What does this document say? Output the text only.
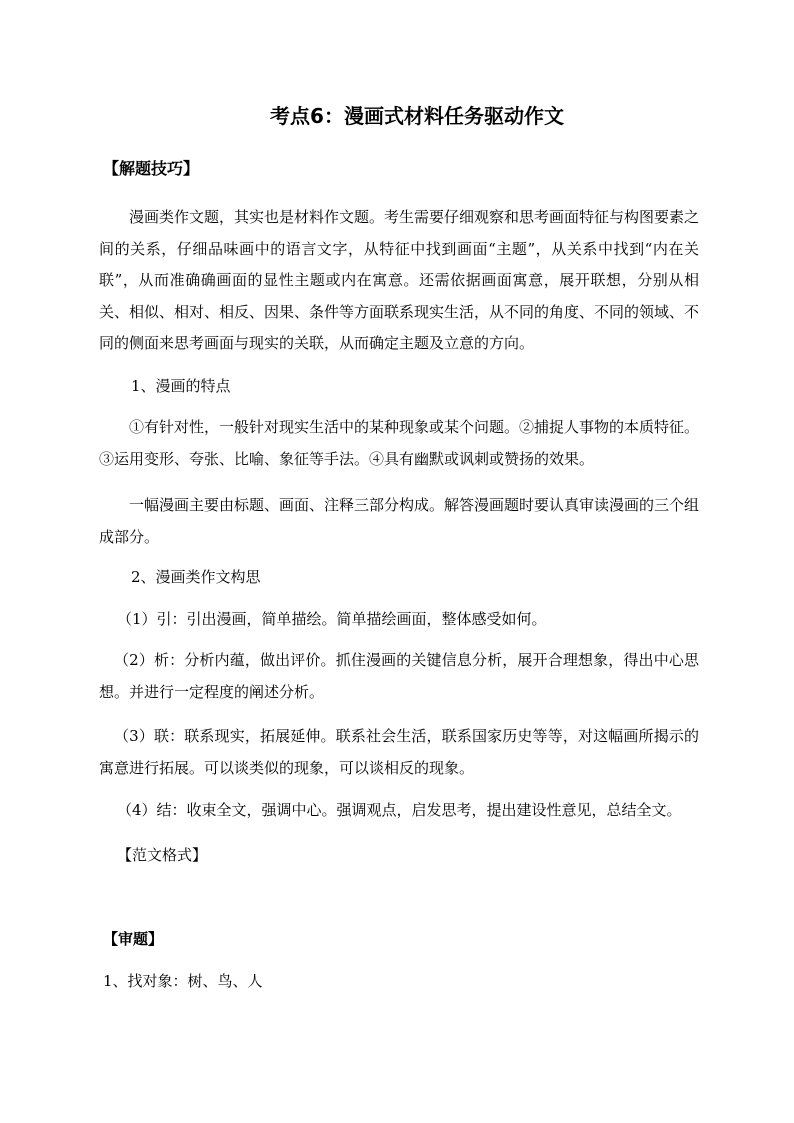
考点6：漫画式材料任务驱动作文
【解题技巧】
漫画类作文题，其实也是材料作文题。考生需要仔细观察和思考画面特征与构图要素之间的关系，仔细品味画中的语言文字，从特征中找到画面“主题”，从关系中找到“内在关联”，从而准确确画面的显性主题或内在寓意。还需依据画面寓意，展开联想，分别从相关、相似、相对、相反、因果、条件等方面联系现实生活，从不同的角度、不同的领域、不同的侧面来思考画面与现实的关联，从而确定主题及立意的方向。
1、漫画的特点
①有针对性，一般针对现实生活中的某种现象或某个问题。②捕捉人事物的本质特征。③运用变形、夸张、比喻、象征等手法。④具有幽默或讽刺或赞扬的效果。
一幅漫画主要由标题、画面、注释三部分构成。解答漫画题时要认真审读漫画的三个组成部分。
2、漫画类作文构思
（1）引：引出漫画，简单描绘。简单描绘画面，整体感受如何。
（2）析：分析内蕴，做出评价。抓住漫画的关键信息分析，展开合理想象，得出中心思想。并进行一定程度的阐述分析。
（3）联：联系现实，拓展延伸。联系社会生活，联系国家历史等等，对这幅画所揭示的寓意进行拓展。可以谈类似的现象，可以谈相反的现象。
（4）结：收束全文，强调中心。强调观点，启发思考，提出建设性意见，总结全文。
【范文格式】
【审题】
1、找对象：树、鸟、人
